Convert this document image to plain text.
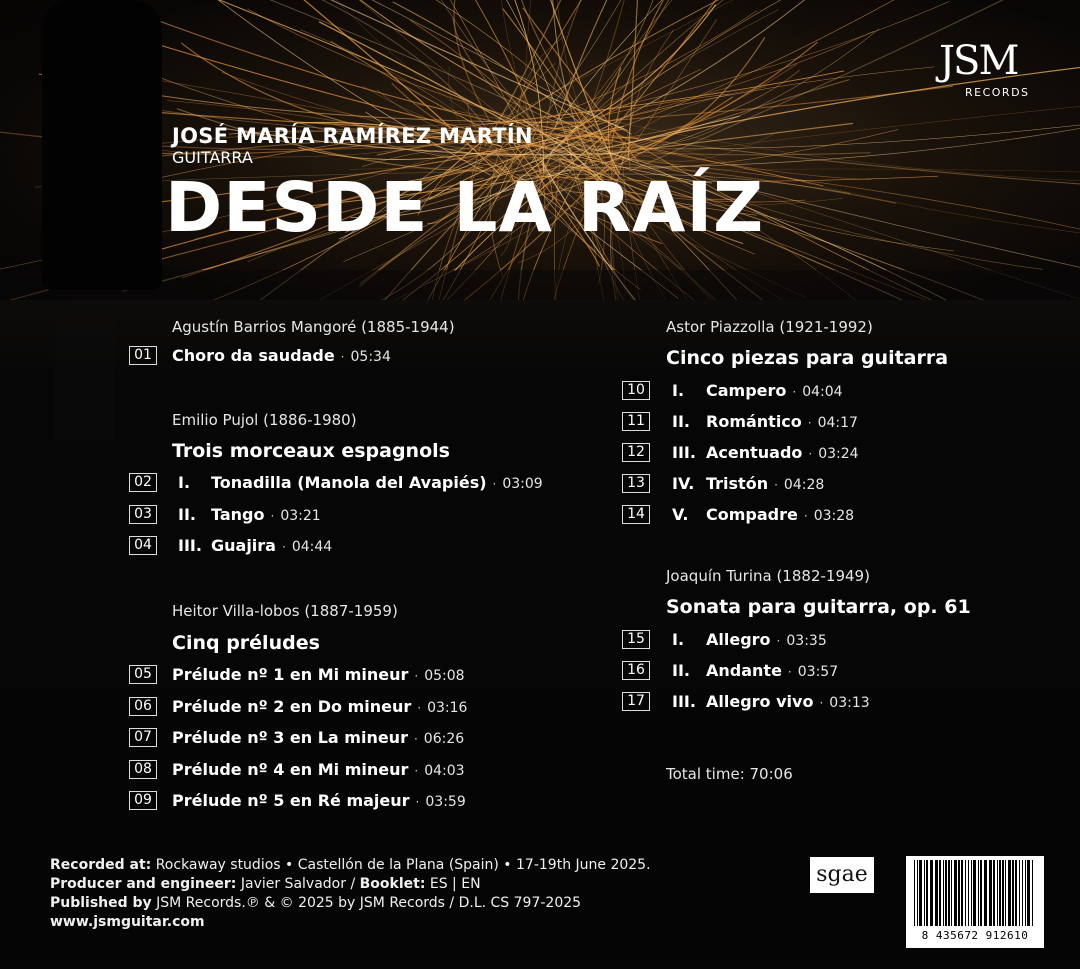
JSM
RECORDS
JOSÉ MARÍA RAMÍREZ MARTÍN
GUITARRA
DESDE LA RAÍZ
Agustín Barrios Mangoré (1885-1944)
01	Choro da saudade · 05:34
Emilio Pujol (1886-1980)
Trois morceaux espagnols
02	I. Tonadilla (Manola del Avapiés) · 03:09
03	II. Tango · 03:21
04	III. Guajira · 04:44
Heitor Villa-lobos (1887-1959)
Cinq préludes
05	Prélude nº 1 en Mi mineur · 05:08
06	Prélude nº 2 en Do mineur · 03:16
07	Prélude nº 3 en La mineur · 06:26
08	Prélude nº 4 en Mi mineur · 04:03
09	Prélude nº 5 en Ré majeur · 03:59
Astor Piazzolla (1921-1992)
Cinco piezas para guitarra
10	I. Campero · 04:04
11	II. Romántico · 04:17
12	III. Acentuado · 03:24
13	IV. Tristón · 04:28
14	V. Compadre · 03:28
Joaquín Turina (1882-1949)
Sonata para guitarra, op. 61
15	I. Allegro · 03:35
16	II. Andante · 03:57
17	III. Allegro vivo · 03:13
Total time: 70:06
Recorded at: Rockaway studios • Castellón de la Plana (Spain) • 17-19th June 2025.
Producer and engineer: Javier Salvador / Booklet: ES | EN
Published by JSM Records.℗ & © 2025 by JSM Records / D.L. CS 797-2025
www.jsmguitar.com
sgae
8 435672 912610
